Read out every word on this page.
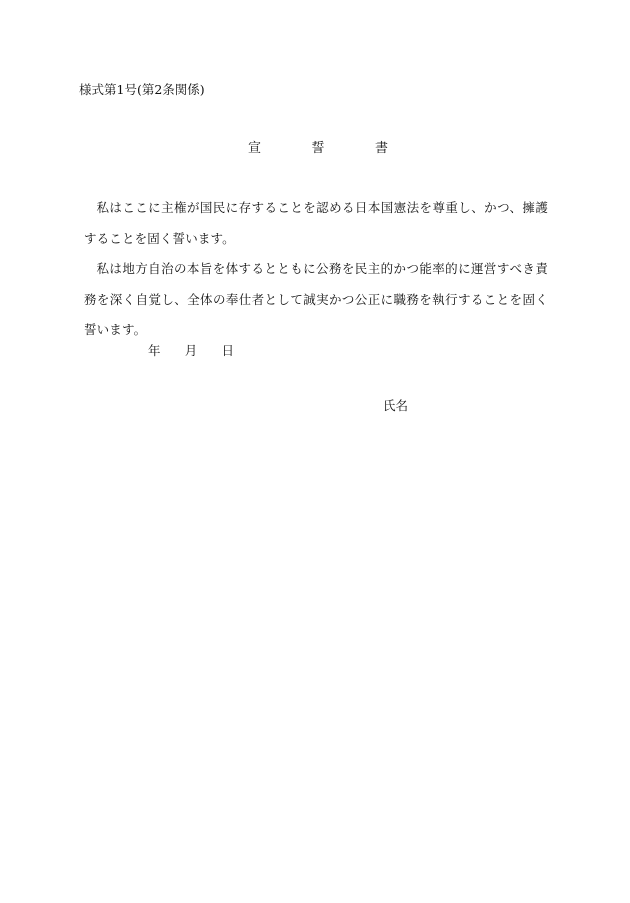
様式第1号(第2条関係)
宣	誓	書

私はここに主権が国民に存することを認める日本国憲法を尊重し、かつ、擁護することを固く誓います。

私は地方自治の本旨を体するとともに公務を民主的かつ能率的に運営すべき責務を深く自覚し、全体の奉仕者として誠実かつ公正に職務を執行することを固く誓います。

年 月 日
氏名
